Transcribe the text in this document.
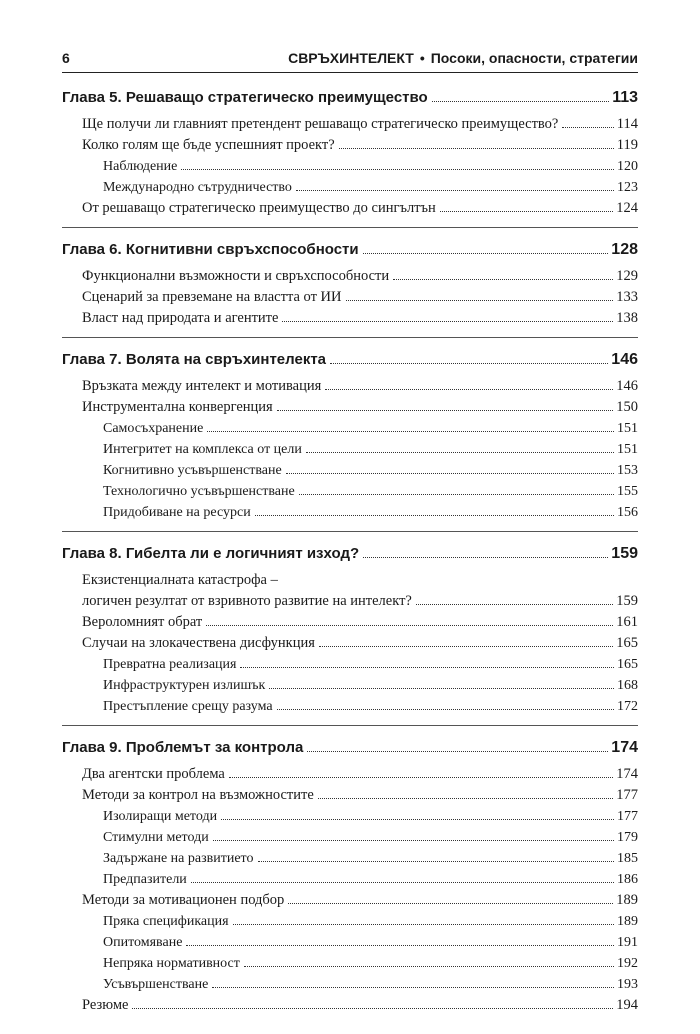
6	СВРЪХИНТЕЛЕКТ • Посоки, опасности, стратегии
Глава 5. Решаващо стратегическо преимущество	113
Ще получи ли главният претендент решаващо стратегическо преимущество?	114
Колко голям ще бъде успешният проект?	119
Наблюдение	120
Международно сътрудничество	123
От решаващо стратегическо преимущество до сингълтън	124
Глава 6. Когнитивни свръхспособности	128
Функционални възможности и свръхспособности	129
Сценарий за превземане на властта от ИИ	133
Власт над природата и агентите	138
Глава 7. Волята на свръхинтелекта	146
Връзката между интелект и мотивация	146
Инструментална конвергенция	150
Самосъхранение	151
Интегритет на комплекса от цели	151
Когнитивно усъвършенстване	153
Технологично усъвършенстване	155
Придобиване на ресурси	156
Глава 8. Гибелта ли е логичният изход?	159
Екзистенциалната катастрофа –
логичен резултат от взривното развитие на интелект?	159
Вероломният обрат	161
Случаи на злокачествена дисфункция	165
Превратна реализация	165
Инфраструктурен излишък	168
Престъпление срещу разума	172
Глава 9. Проблемът за контрола	174
Два агентски проблема	174
Методи за контрол на възможностите	177
Изолиращи методи	177
Стимулни методи	179
Задържане на развитието	185
Предпазители	186
Методи за мотивационен подбор	189
Пряка спецификация	189
Опитомяване	191
Непряка нормативност	192
Усъвършенстване	193
Резюме	194
